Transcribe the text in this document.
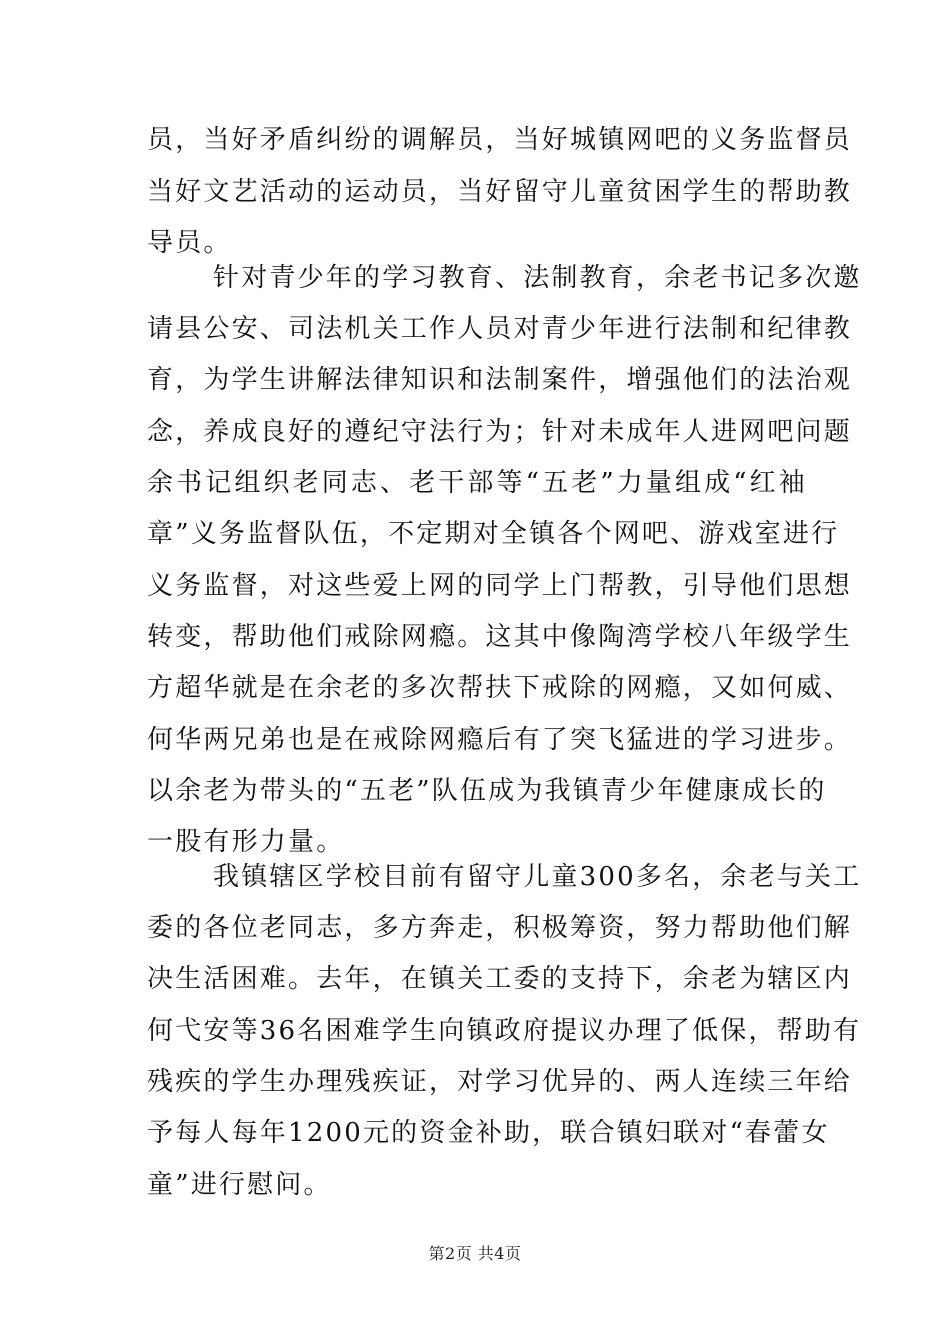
员，当好矛盾纠纷的调解员，当好城镇网吧的义务监督员
当好文艺活动的运动员，当好留守儿童贫困学生的帮助教
导员。
针对青少年的学习教育、法制教育，余老书记多次邀
请县公安、司法机关工作人员对青少年进行法制和纪律教
育，为学生讲解法律知识和法制案件，增强他们的法治观
念，养成良好的遵纪守法行为；针对未成年人进网吧问题
余书记组织老同志、老干部等“五老”力量组成“红袖
章”义务监督队伍，不定期对全镇各个网吧、游戏室进行
义务监督，对这些爱上网的同学上门帮教，引导他们思想
转变，帮助他们戒除网瘾。这其中像陶湾学校八年级学生
方超华就是在余老的多次帮扶下戒除的网瘾，又如何威、
何华两兄弟也是在戒除网瘾后有了突飞猛进的学习进步。
以余老为带头的“五老”队伍成为我镇青少年健康成长的
一股有形力量。
我镇辖区学校目前有留守儿童300多名，余老与关工
委的各位老同志，多方奔走，积极筹资，努力帮助他们解
决生活困难。去年，在镇关工委的支持下，余老为辖区内
何弋安等36名困难学生向镇政府提议办理了低保，帮助有
残疾的学生办理残疾证，对学习优异的、两人连续三年给
予每人每年1200元的资金补助，联合镇妇联对“春蕾女
童”进行慰问。
第2页 共4页
